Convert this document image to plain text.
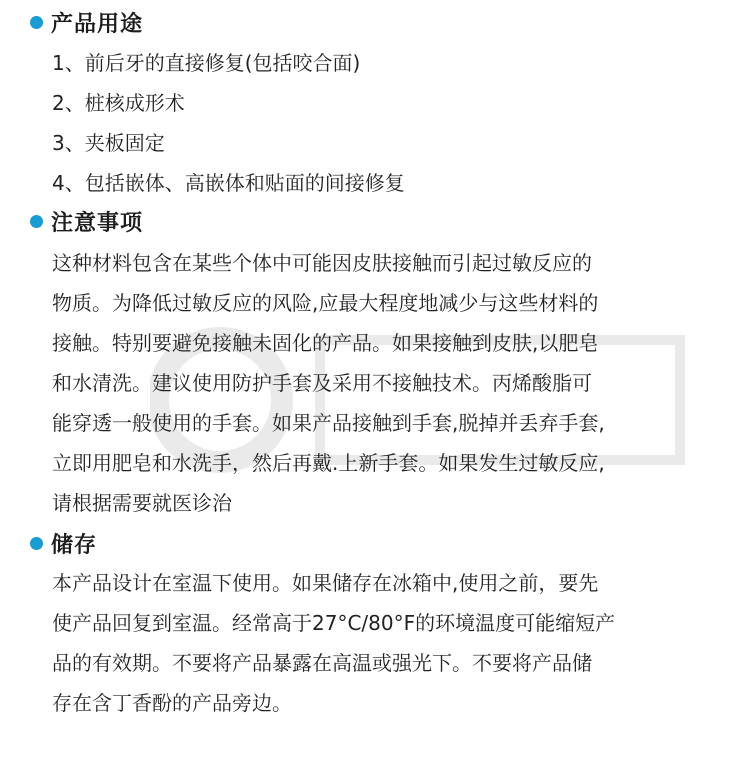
产品用途
1、前后牙的直接修复(包括咬合面)
2、桩核成形术
3、夹板固定
4、包括嵌体、高嵌体和贴面的间接修复
注意事项
这种材料包含在某些个体中可能因皮肤接触而引起过敏反应的
物质。为降低过敏反应的风险,应最大程度地减少与这些材料的
接触。特别要避免接触未固化的产品。如果接触到皮肤,以肥皂
和水清洗。建议使用防护手套及采用不接触技术。丙烯酸脂可
能穿透一般使用的手套。如果产品接触到手套,脱掉并丢弃手套,
立即用肥皂和水洗手，然后再戴.上新手套。如果发生过敏反应,
请根据需要就医诊治
储存
本产品设计在室温下使用。如果储存在冰箱中,使用之前，要先
使产品回复到室温。经常高于27°C/80°F的环境温度可能缩短产
品的有效期。不要将产品暴露在高温或强光下。不要将产品储
存在含丁香酚的产品旁边。
